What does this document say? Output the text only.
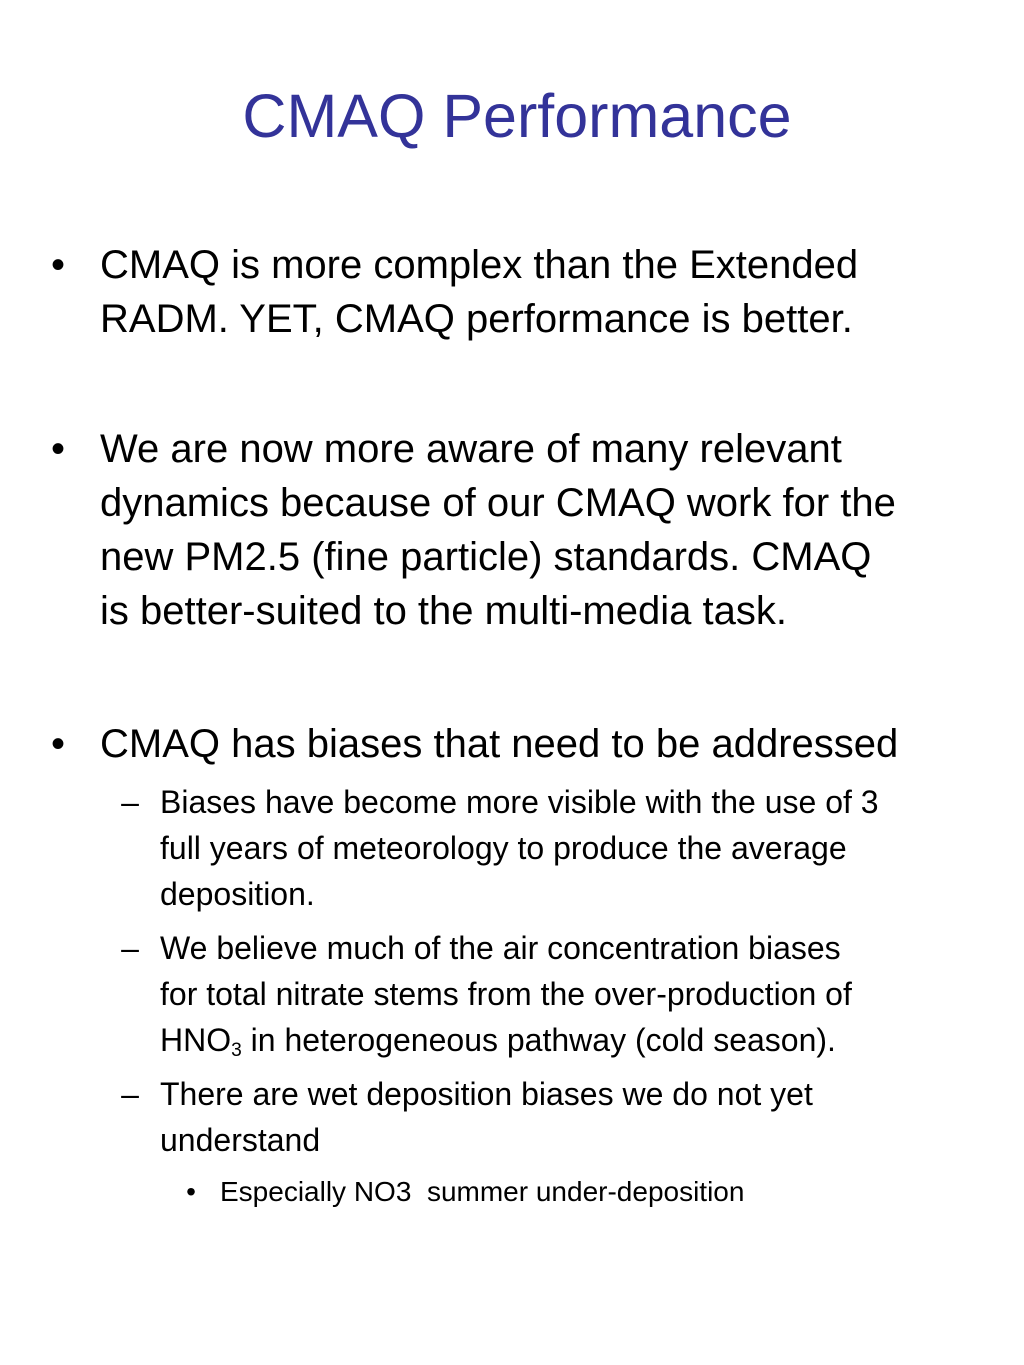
CMAQ Performance
• CMAQ is more complex than the Extended
RADM. YET, CMAQ performance is better.
• We are now more aware of many relevant
dynamics because of our CMAQ work for the
new PM2.5 (fine particle) standards. CMAQ
is better-suited to the multi-media task.
• CMAQ has biases that need to be addressed
– Biases have become more visible with the use of 3
full years of meteorology to produce the average
deposition.
– We believe much of the air concentration biases
for total nitrate stems from the over-production of
$HNO_3$ in heterogeneous pathway (cold season).
– There are wet deposition biases we do not yet
understand
• Especially NO3  summer under-deposition
